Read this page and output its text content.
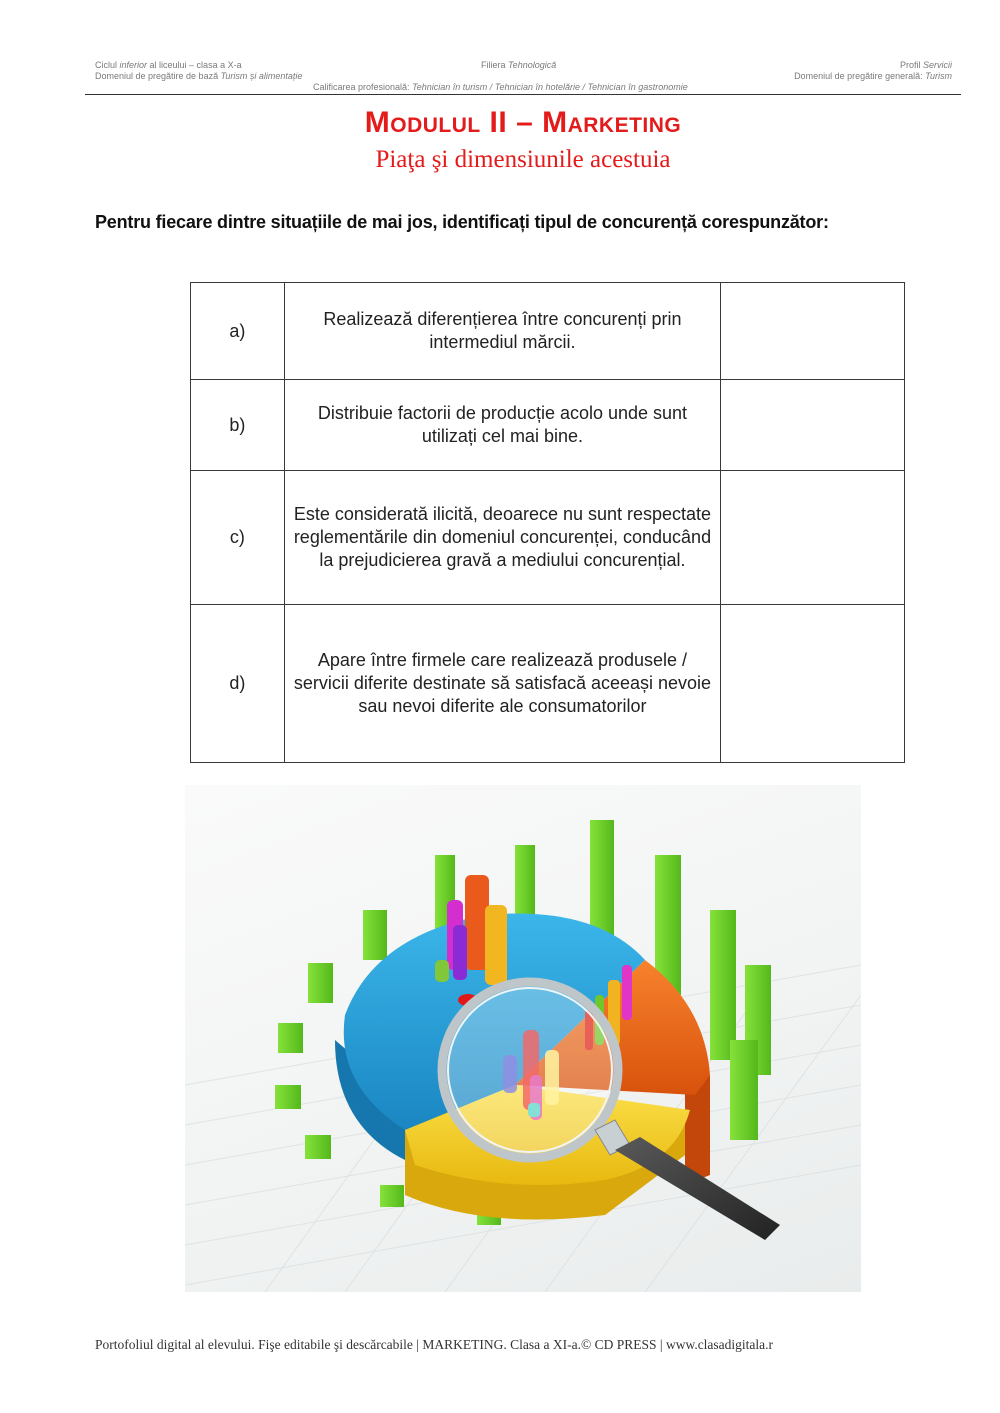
Ciclul inferior al liceului – clasa a X-a
Domeniul de pregătire de bază Turism și alimentație
Filiera Tehnologică	Profil Servicii
Domeniul de pregătire generală: Turism
Calificarea profesională: Tehnician în turism / Tehnician în hotelărie / Tehnician în gastronomie
Modulul II – Marketing
Piaţa şi dimensiunile acestuia
Pentru fiecare dintre situațiile de mai jos, identificați tipul de concurență corespunzător:
a)	Realizează diferențierea între concurenți prin intermediul mărcii.	
b)	Distribuie factorii de producție acolo unde sunt utilizați cel mai bine.	
c)	Este considerată ilicită, deoarece nu sunt respectate reglementările din domeniul concurenței, conducând la prejudicierea gravă a mediului concurențial.	
d)	Apare între firmele care realizează produsele / servicii diferite destinate să satisfacă aceeași nevoie sau nevoi diferite ale consumatorilor	
Portofoliul digital al elevului. Fişe editabile şi descărcabile | MARKETING. Clasa a XI-a.© CD PRESS | www.clasadigitala.r
